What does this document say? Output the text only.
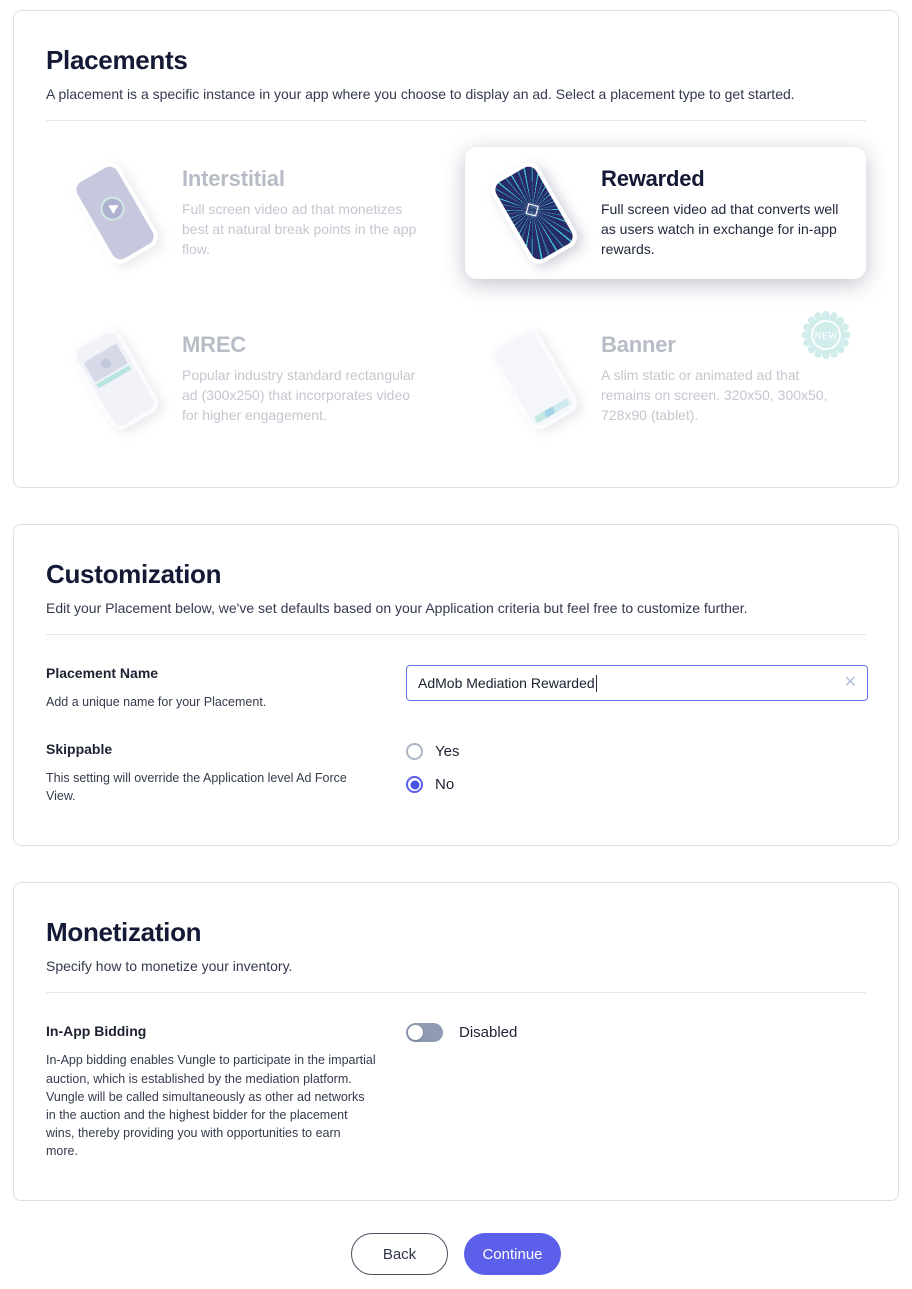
Placements

A placement is a specific instance in your app where you choose to display an ad. Select a placement type to get started.

Interstitial
Full screen video ad that monetizes best at natural break points in the app flow.
◇
Rewarded
Full screen video ad that converts well as users watch in exchange for in-app rewards.
MREC
Popular industry standard rectangular ad (300x250) that incorporates video for higher engagement.
Banner
A slim static or animated ad that remains on screen. 320x50, 300x50, 728x90 (tablet).
NEW
Customization

Edit your Placement below, we've set defaults based on your Application criteria but feel free to customize further.

Placement Name
Add a unique name for your Placement.
AdMob Mediation Rewarded	✕
Skippable
This setting will override the Application level Ad Force View.
Yes
No
Monetization

Specify how to monetize your inventory.

In-App Bidding
In-App bidding enables Vungle to participate in the impartial auction, which is established by the mediation platform. Vungle will be called simultaneously as other ad networks in the auction and the highest bidder for the placement wins, thereby providing you with opportunities to earn more.
Disabled
Back	Continue
